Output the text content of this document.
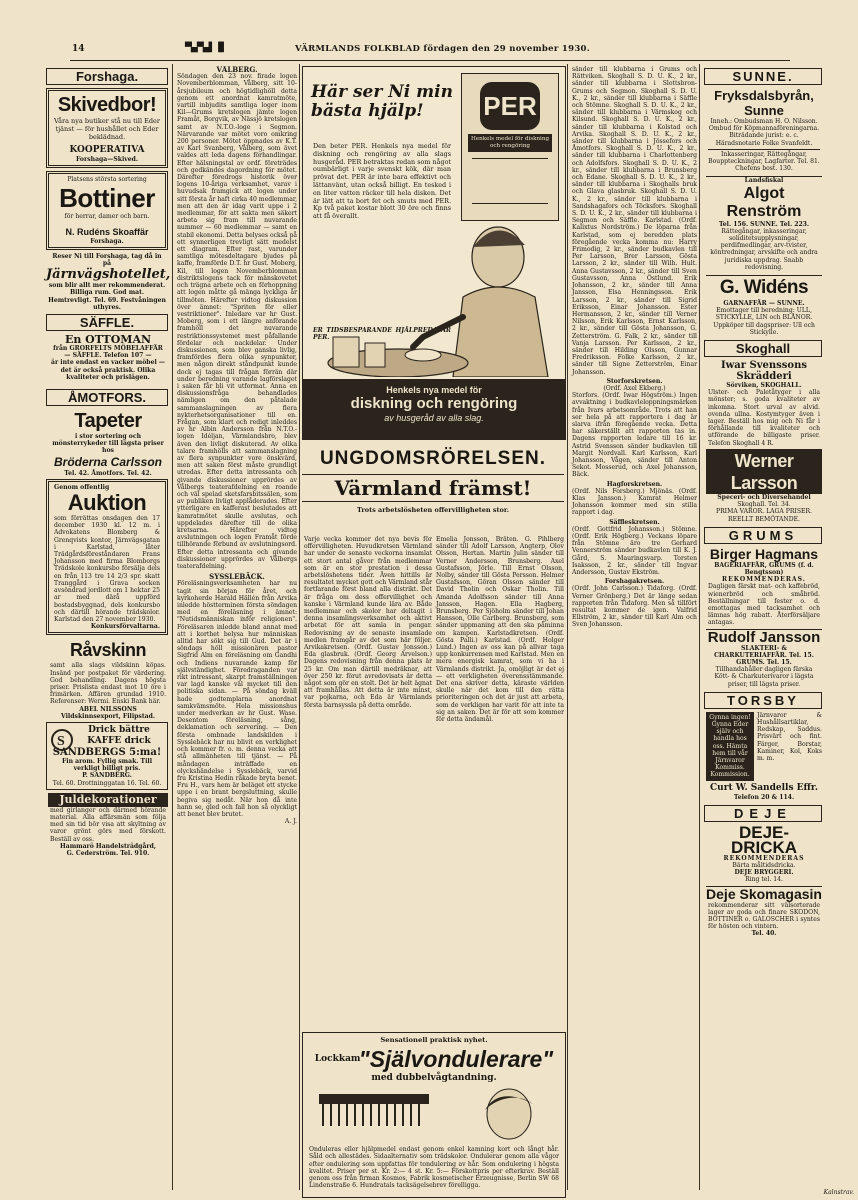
14	▀▄▀▄▌▐▌	VÄRMLANDS FOLKBLAD fördagen den 29 november 1930.
Forshaga.
Skivedbor!
Våra nya butiker stå nu till Eder tjänst — för hushållet och Eder beklädnad.
KOOPERATIVA
Forshaga—Skived.
Platsens största sortering
Bottiner
för herrar, damer och barn.
N. Rudéns Skoaffär
Forshaga.
Reser Ni till Forshaga, tag då in på
Järnvägshotellet,
som blir allt mer rekommenderat. Billiga rum. God mat. Hemtrevligt. Tel. 69. Festvåningen uthyres.
SÄFFLE.
En OTTOMAN
från GRORFELTS MÖBELAFFÄR — SÄFFLE. Telefon 107 —
är inte endast en vacker möbel — det är också praktisk. Olika kvaliteter och prislägen.
ÅMOTFORS.
Tapeter
i stor sortering och mönsterrykeder till lägsta priser hos
Bröderna Carlsson
Tel. 42. Åmotfors. Tel. 42.
Genom offentlig
Auktion
som förrättas onsdagen den 17 december 1930 kl. 12 m. i Advokatens Blomberg & Grenqvists kontor, Järnvägsgatan i Karlstad, låter Trädgårdsföreståndaren Frans Johansson med firma Blomborgs Trädskole konkursbo försälja dels en från 113 tre 14 2/3 spr. skatt Tranggård i Grava socken avsöndrad jordlott om 1 hektar 25 ar med därå uppförd bostadsbyggnad, dels konkursbo och därtill hörande trädskolor. Karlstad den 27 november 1930.
Konkursförvaltarna.
Råvskinn
samt alla slags vildskinn köpas. Insänd per postpaket för värdering. God behandling. Dagens högsta priser. Prislista endast mot 10 öre i frimärken. Affären grundad 1910. Referenser: Wermi. Enski Bank här.
ABEL NILSSONS Vildskinnsexport, Filipstad.
S
Drick bättre KAFFE drick
SANDBERGS 5:ma!
Fin arom. Fyllig smak. Till verkligt billigt pris.
P. SANDBERG.
Tel. 60. Drottninggatan 16. Tel. 60.
Juldekorationer
med girlanger och därmed hörande material. Alla affärsmän som följa med sin tid bör visa att skyltning av varor grönt görs med förskott. Beställ av oss.
Hammarö Handelsträdgård,
G. Cederström. Tel. 910.
VÅLBERG.
Söndagen den 23 nov. firade logen Novemberblomman, Vålberg, sitt 10-årsjubileum och högtidlighöll detta genom ett anordnat kamratmöte, vartill inbjudits samtliga loger inom Kil—Grums kretslogen jämte logen Framåt, Borgvik, av Nässjö kretslogen samt av N.T.O.-loge i Segmon. Närvarande var mötet voro omkring 200 personer. Mötet öppnades av K.T. av Karl Svanberg, Vålberg, som ävet valdes att leda dagens förhandlingar. Efter hälsningstal av ordf. företrädes och gedkändes dagordning för mötet. Därefter föredrogs historik över logens 10-åriga verksamhet, varav i huvudsak framgick att logen under sitt första år haft cirka 40 medlemmar, men att den är idag varit uppe i 2 medlemmar, för att sakta men säkert arbeta sig fram till nuvarande nummer — 60 medlemmar — samt en stabil ekonomi. Detta belyses också på ett synnerligen trevligt sätt medelst ett diagram. Efter rast, varunder samtliga mötesdeltagare bjudes på kaffe, framförde D.T. hr Gust. Moberg, Kil, till logen Novemberblomman distriktslogens tack för mänskovetet och trägna arbete och en förhoppning att logen måtte gå mänga lyckliga år tillmöten. Härefter vidtog diskussion över ämnet: "Spriten för eller vestriktioner". Inledare var hr Gust. Moberg, som i ett längre anförande framhöll det nuvarande restriktionssystemet mest påfallande fördelar och nackdelar. Under diskussionen, som blev ganska livlig, framfördes flera olika synpunkter, men någon direkt ståndpunkt kunde dock ej tagas till frågan förrän där under beredning varande lagförslaget i saken får bli vit utformat. Anna en diskussionsfråga behandlades nämligen om den påtalade sammanslagningen av flera nykterhetsorganisationer till en. Frågan, som klart och redigt inleddes av hr Albin Andersson från N.T.O.-logen Idéljan, Värmlandsbro, blev även den livligt diskuterad. Av olika talare framhölls att sammanslagning av flera synpunkter vore önskvärd, men att saken först måste grundligt utredas. Efter detta intressanta och givande diskussioner upprördes av Vålbergs teaterafdelning en roande och väl spelad sketsfarsbitssälen, som av publiken livligt applåderades. Efter ytterligare en kafferast beslutades att kamratmötet skulle avslutas, och uppdelades därefter till de olika kretsarna. Härefter vidtog avslutningen och logen Framåt förde tillhörande förbund av avslutningsord. Efter detta intressanta och givande diskussioner upprördes av Vålbergs teaterafdelning.
SYSSLEBÄCK.
Föreläsningsverksamheten har nu tagit sin början för året, och kyrkoherde Harald Hällén från Arvika inledde höstterminen första söndagen med en föreläsning i ämnet: "Nutidsmänniskan inför religionen". Föreläsaren inledde bland annat med att i korthet belysa hur människan alltid har sökt sig till Gud. Det är i söndags höll missionären pastor Sigfrid Alm en föreläsning om Gandhi och Indiens nuvarande kamp för självständighet. Föredraganden var rikt intressant, skarpt framställningen var lagd kanske väl mycket till den politiska sidan. — På söndag kväll hade godtemplarna anordnat samkvämsmöte. Hela missionshus under medverkan av hr Gust. Wase. Desentom föreläsning, sång, deklamation och servering. — Den första ombnade landskilden i Sysslebäck har nu blivit en verklighet och kommer fr. o. m. denna vecka att stå allmänheten till tjänst. — På måndagen inträffade en olyckshändelse i Sysslebäck, varvid fru Kristina Hedin råkade bryta benet. Fru H., vars hem är beläget ett stycke uppe i en brant bergsluttning, skulle begiva sig nedåt. När hon då inte hann se, gled och fall hon så olyckligt att benet blev brutet.
A. J.
Här ser Ni min bästa hjälp!
Den beter PER. Henkels nya medel för diskning och rengöring av alla slags husgeråd. PER betraktas redan som något oumbärligt i varje svenskt kök, där man prövat det. PER är inte bara effektivt och lättanvänt, utan också billigt. En tesked i en liter vatten räcker till hela disken. Det är lätt att ta bort fet och smuts med PER. Kp två paket kostar blott 30 öre och finns att få överallt.
ER TIDSBESPARANDE HJÄLPREDA ÄR PER.
PER
Henkels medel för diskning och rengöring
Henkels nya medel för
diskning och rengöring
av husgeråd av alla slag.
UNGDOMSRÖRELSEN.
Värmland främst!
Trots arbetslösheten offervilligheten stor.
Varje vecka kommer det nya bevis för offervilligheten. Huvudkretsen Värmland har under de senaste veckorna insamlat ett stort antal gåvor från medlemmar som är en stor prestation i dessa arbetslöshetens tider. Även hittills är resultatet mycket gott och Värmland står fortfarande först bland alla distrikt. Det är fråga om dess offervillighet och kanske i Värmland kunde lära av. Både medlemmar och skolor har deltagit i denna insamlingsverksamhet och aktivt arbetat för att samla in pengar. Redovisning av de senaste insamlade medlen framgår av det som här följer. Arvikakretsen. (Ordf. Gustav Jonsson.) Eda glasbruk. (Ordf. Georg Arvelson.) Dagens redovisning från denna plats är 25 kr. Om man därtill medräknar, att över 250 kr. förut avredovisats är detta något som gör en stolt. Det är helt ägnat att framhållas. Att detta är inte minst, var pojkarna, och Eda är Värmlands första barnsyssla på detta område.
Emelia Jonsson, Bräten. G. Pihlberg sänder till Adolf Larsson, Angterp, Olov Olsson, Hertan. Martin Julin sänder till Verner Andersson, Brunsberg. Axel Gustafsson, Jörle. Till Ernst Olsson, Nolby, sänder till Gösta Persson. Helmer Gustafsson, Göran Olsson sänder till David Tholin och Oskar Tholin. Till Amanda Adolfsson sänder till Anna Jansson, Hagen. Ella Hagberg, Brunsberg. Per Sjöholm sänder till Johan Hansson, Olle Carlberg. Brunsberg, som sänder uppmaning att den ska påminna om kampen. Karlstadkretsen. (Ordf. Gösta Palli.) Karlstad. (Ordf. Holger Lund.) Ingen av oss kan på allvar taga upp konkurrensen med Karlstad. Men en mera energisk kamrat, som vi ha i Värmlands distrikt. Ja, omöjligt är det ej — ett verkligheten överensstämmande. Det ena skriver detta, käraste världen skulle när det kom till den rätta prioriteringen och det är just att arbeta, som de verkligen har varit för att inte ta sig an saken. Det är för att som kommer för detta ändamål.
Sensationell praktisk nyhet.
Lockkam
"Självondulerare"
med dubbelvågtandning.
Onduleras eller hjälpmedel endast genom enkel kamning kort och långt hår. Såld och allestädes. Sidaalternativ som trädskolor. Ondulerar genom alla vågor efter ondulering som uppfattas för tondulering av hår. Som ondulering i högsta kvalitet. Priser per st. Kr. 2:— 4 st. Kr. 5:— Förskottpris per efterkrav. Beställ genom oss från firman Kosmos, Fabrik kosmetischer Erzeugnisse, Berlin SW 68 Lindenstraße 6. Hundratals tacksägelsebrev förelligga.
sänder till klubbarna i Grums och Rättviken. Skoghall S. D. U. K., 2 kr., sänder till klubbarna i Slottsbron-Grums och Segmon. Skoghall S. D. U. K., 2 kr., sänder till klubbarna i Säffle och Stömne. Skoghall S. D. U. K., 2 kr., sänder till klubbarna i Värmskog och Kilsund. Skoghall S. D. U. K., 2 kr., sänder till klubbarna i Kolstad och Arvika. Skoghall S. D. U. K., 2 kr., sänder till klubbarna i Jössefors och Åmotfors. Skoghall S. D. U. K., 2 kr., sänder till klubbarna i Charlottenberg och Adolfsfors. Skoghall S. D. U. K., 2 kr., sänder till klubbarna i Brunsberg och Edane. Skoghall S. D. U. K., 2 kr., sänder till klubbarna i Skoghalls bruk och Glava glasbruk. Skoghall S. D. U. K., 2 kr., sänder till klubbarna i Sandshagafors och Töcksfors. Skoghall S. D. U. K., 2 kr., sänder till klubbarna i Segmon och Säffle. Karlstad. (Ordf. Kalixtus Nordström.) De löparna från Karlstad, som ej beredden plats föregående vecka komma nu: Harry Frimodig, 2 kr., sänder budkavlen till Per Larsson, Brer Larsson, Gösta Larsson, 2 kr., sänder till Wilh. Hult. Anna Gustavsson, 2 kr., sänder till Sven Gustavsson, Anna Östlund. Erik Johansson, 2 kr., sänder till Anna Jansson, Elsa Henningsson. Erik Larsson, 2 kr., sänder till Sigrid Eriksson, Einar Johansson. Ester Hermansson, 2 kr., sänder till Verner Nilsson, Erik Karlsson, Ernst Karlsson, 2 kr., sänder till Gösta Johansson, G. Zetterström. G. Falk, 2 kr., sänder till Vanja Larsson. Per Karlsson, 2 kr., sänder till Hilding Olsson, Gunnar Fredriksson. Folke Karlsson, 2 kr., sänder till Signe Zetterström, Einar Johansson.
Storforskretsen.
(Ordf. Axel Ekberg.)
Storfors. (Ordf. Iwar Högström.) Ingen avvaktning i budkavleloppningsmärken från Ivars arbetsområde. Trots att han ser hela på att rapportera i dag är slarva ifrån föregående vecka. Detta har säkerställt att rapporten tas in. Dagens rapporten ledare till 16 kr. Astrid Svensson sänder budkavlen till Margit Nordvall. Karl Karlsson, Karl Johansson, Vågen, sänder till Anton Sekot. Mosserud, och Axel Johansson, Bäck.
Hagforskretsen.
(Ordf. Nils Forsberg.) Mjönäs. (Ordf. Klas Jansson.) Kamrat Helmer Johansson kommer med sin stilla rapport i dag.
Säffleskretsen.
(Ordf. Gottfrid Johansson.) Stömne. (Ordf. Erik Högberg.) Veckans löpare från Stömne äro tre Gerhard Vennerström sänder budkavlen till K. J. Gård, S. Mauringsvarp. Torsten Isaksson, 2 kr., sänder till Ingvar Andersson, Gustav Ekström.
Forshagakretsen.
(Ordf. John Carlsson.) Tidaforg. (Ordf. Verner Grönberg.) Det är länge sedan rapporten från Tidaforg. Men så tillfört resultat kommer de igen. Valfrid Ellström, 2 kr., sänder till Karl Alm och Sven Johansson.
SUNNE.
Fryksdalsbyrån, Sunne
Inneh.: Ombudsman H. O. Nilsson. Ombud för Köpmannaföreningarna. Biträdande jurist: e. c. Häradsnotarie Folke Svanfeldt.
Inkasseringar, Rättegångar, Bouppteckningar, Lagfarter. Tel. 81. Chefens bost. 130.
Landsfiskal
Algot Renström
Tel. 156. SUNNE. Tel. 223.
Rättegångar, inkasseringar, soliditetsupplysningar, perdifmedlingar, arv-tvister, köntredningar, arvskifte och andra juridiska uppdrag. Snabb redovisning.
G. Widéns
GARNAFFÄR — SUNNE.
Emottager till beredning: ULL, STICKYLLE, LIN och BLÅNOR. Uppköper till dagspriser: Ull och Stickylle.
Skoghall
Iwar Svenssons Skrädderi
Sörviken, SKOGHALL.
Ulster- och Paletåtyger i alla mönster; s. goda kvaliteter av inkomna. Stort urval av alvid. ovenda ullna. Kostymtyger även i lager. Beställ hos mig och Ni får i förhållande till kvaliteter och utförande de billigaste priser. Telefon Skoghall 4 R.
Werner Larsson
Speceri- och Diversehandel
Skoghall. Tel. 34.
PRIMA VAROR. LAGA PRISER. REELLT BEMÖTANDE.
GRUMS
Birger Hagmans
BAGERIAFFÄR, GRUMS (f. d. Bengtsson)
REKOMMENDERAS.
Dagligen färskt mat- och kaffebröd, wienerbröd och småbröd. Beställningar till fester o. d. emottagas med tacksamhet och lämnas hög rabatt. Återförsäljare antagas.
Rudolf Jansson
SLAKTERI- & CHARKUTERIAFFÄR. Tel. 15. GRUMS. Tel. 15.
Tillhandahåller dagligen färska Kött- & Charkuterivaror i lägsta priser, till lägsta priser.
TORSBY
Gynna ingen! Gynna Eder själv och handla hos oss. Hämta hem till vår Järnvaror Kommiss. Kommission.
Järnvaror & Hushållsartiklar, Redskap, Saddus. Prisvärt och fint. Färger, Borstar, Kaminer, Kol, Koks m. m.
Curt W. Sandells Effr.
Telefon 20 & 114.
DEJE
DEJE-DRICKA
REKOMMENDERAS
Bärta måltidsdricka.
DEJE BRYGGERI.
Ring tel. 14.
Deje Skomagasin
rekommenderar sitt välsorterade lager av goda och finare SKODON, BOTTINER o. GALOSCHER i syntes för hösten och vintern.
Tel. 40.
Kalnstrav.
